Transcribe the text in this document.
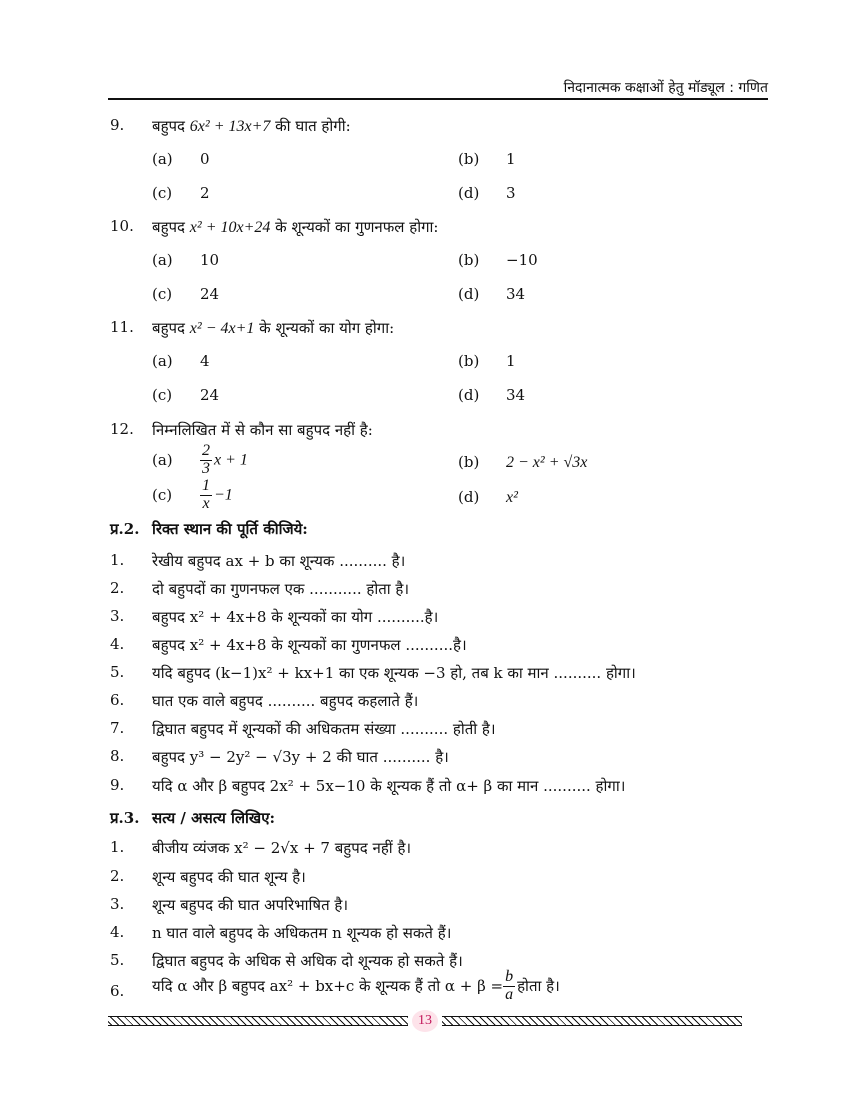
निदानात्मक कक्षाओं हेतु मॉड्यूल : गणित
9. बहुपद 6x² + 13x+7 की घात होगी:
(a) 0	(b) 1
(c) 2	(d) 3
10. बहुपद x² + 10x+24 के शून्यकों का गुणनफल होगा:
(a) 10	(b) −10
(c) 24	(d) 34
11. बहुपद x² − 4x+1 के शून्यकों का योग होगा:
(a) 4	(b) 1
(c) 24	(d) 34
12. निम्नलिखित में से कौन सा बहुपद नहीं है:
$(a) \frac{2}{3}$ x + 1	(b) 2 − x² + √3x
$(c) \frac{1}{x} -1$	(d) x²
प्र.2. रिक्त स्थान की पूर्ति कीजिये:
1. रेखीय बहुपद ax + b का शून्यक .......... है।
2. दो बहुपदों का गुणनफल एक ........... होता है।
3. बहुपद x² + 4x+8 के शून्यकों का योग ..........है।
4. बहुपद x² + 4x+8 के शून्यकों का गुणनफल ..........है।
5. यदि बहुपद (k−1)x² + kx+1 का एक शून्यक −3 हो, तब k का मान .......... होगा।
6. घात एक वाले बहुपद .......... बहुपद कहलाते हैं।
7. द्विघात बहुपद में शून्यकों की अधिकतम संख्या .......... होती है।
8. बहुपद y³ − 2y² − √3y + 2 की घात .......... है।
9. यदि α और β बहुपद 2x² + 5x−10 के शून्यक हैं तो α+ β का मान .......... होगा।
प्र.3. सत्य / असत्य लिखिए:
1. बीजीय व्यंजक x² − 2√x + 7 बहुपद नहीं है।
2. शून्य बहुपद की घात शून्य है।
3. शून्य बहुपद की घात अपरिभाषित है।
4. n घात वाले बहुपद के अधिकतम n शून्यक हो सकते हैं।
5. द्विघात बहुपद के अधिक से अधिक दो शून्यक हो सकते हैं।
6. यदि α और β बहुपद ax² + bx+c के शून्यक हैं तो $\alpha + \beta = \frac{b}{a}$ होता है।
13
